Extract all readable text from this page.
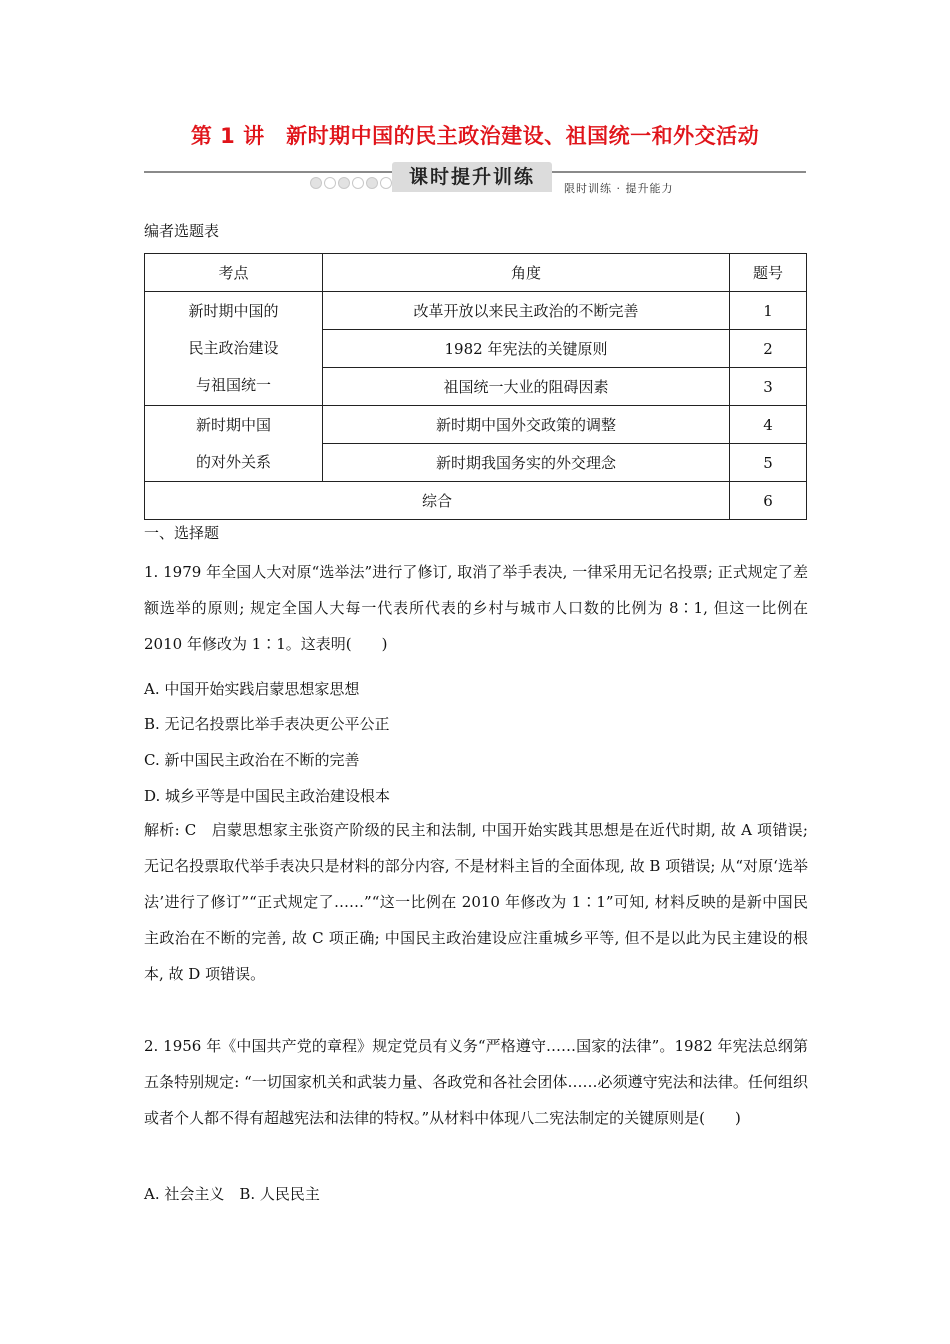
第 1 讲　新时期中国的民主政治建设、祖国统一和外交活动
课时提升训练
限时训练 · 提升能力
编者选题表
考点	角度	题号

新时期中国的
民主政治建设
与祖国统一	改革开放以来民主政治的不断完善	1
	1982 年宪法的关键原则	2
	祖国统一大业的阻碍因素	3

新时期中国
的对外关系	新时期中国外交政策的调整	4
	新时期我国务实的外交理念	5
综合		6
一、选择题
1. 1979 年全国人大对原“选举法”进行了修订, 取消了举手表决, 一律采用无记名投票; 正式规定了差额选举的原则; 规定全国人大每一代表所代表的乡村与城市人口数的比例为 8∶1, 但这一比例在 2010 年修改为 1∶1。这表明(　　)
A. 中国开始实践启蒙思想家思想
B. 无记名投票比举手表决更公平公正
C. 新中国民主政治在不断的完善
D. 城乡平等是中国民主政治建设根本
解析: C　启蒙思想家主张资产阶级的民主和法制, 中国开始实践其思想是在近代时期, 故 A 项错误; 无记名投票取代举手表决只是材料的部分内容, 不是材料主旨的全面体现, 故 B 项错误; 从“对原‘选举法’进行了修订”“正式规定了……”“这一比例在 2010 年修改为 1∶1”可知, 材料反映的是新中国民主政治在不断的完善, 故 C 项正确; 中国民主政治建设应注重城乡平等, 但不是以此为民主建设的根本, 故 D 项错误。
2. 1956 年《中国共产党的章程》规定党员有义务“严格遵守……国家的法律”。1982 年宪法总纲第五条特别规定: “一切国家机关和武装力量、各政党和各社会团体……必须遵守宪法和法律。任何组织或者个人都不得有超越宪法和法律的特权。”从材料中体现八二宪法制定的关键原则是(　　)
A. 社会主义　B. 人民民主
